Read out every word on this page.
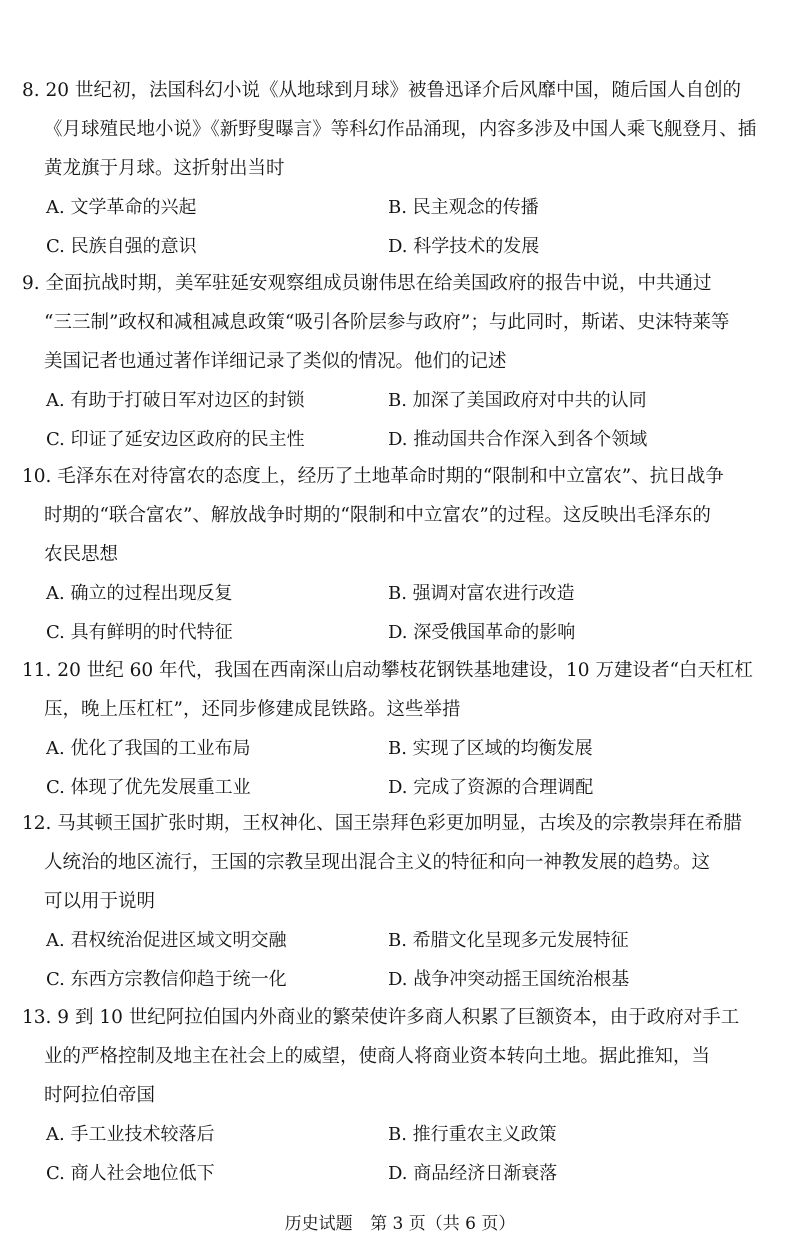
8. 20 世纪初，法国科幻小说《从地球到月球》被鲁迅译介后风靡中国，随后国人自创的
《月球殖民地小说》《新野叟曝言》等科幻作品涌现，内容多涉及中国人乘飞舰登月、插
黄龙旗于月球。这折射出当时
A. 文学革命的兴起	B. 民主观念的传播
C. 民族自强的意识	D. 科学技术的发展
9. 全面抗战时期，美军驻延安观察组成员谢伟思在给美国政府的报告中说，中共通过
“三三制”政权和减租减息政策“吸引各阶层参与政府”；与此同时，斯诺、史沫特莱等
美国记者也通过著作详细记录了类似的情况。他们的记述
A. 有助于打破日军对边区的封锁	B. 加深了美国政府对中共的认同
C. 印证了延安边区政府的民主性	D. 推动国共合作深入到各个领域
10. 毛泽东在对待富农的态度上，经历了土地革命时期的“限制和中立富农”、抗日战争
时期的“联合富农”、解放战争时期的“限制和中立富农”的过程。这反映出毛泽东的
农民思想
A. 确立的过程出现反复	B. 强调对富农进行改造
C. 具有鲜明的时代特征	D. 深受俄国革命的影响
11. 20 世纪 60 年代，我国在西南深山启动攀枝花钢铁基地建设，10 万建设者“白天杠杠
压，晚上压杠杠”，还同步修建成昆铁路。这些举措
A. 优化了我国的工业布局	B. 实现了区域的均衡发展
C. 体现了优先发展重工业	D. 完成了资源的合理调配
12. 马其顿王国扩张时期，王权神化、国王崇拜色彩更加明显，古埃及的宗教崇拜在希腊
人统治的地区流行，王国的宗教呈现出混合主义的特征和向一神教发展的趋势。这
可以用于说明
A. 君权统治促进区域文明交融	B. 希腊文化呈现多元发展特征
C. 东西方宗教信仰趋于统一化	D. 战争冲突动摇王国统治根基
13. 9 到 10 世纪阿拉伯国内外商业的繁荣使许多商人积累了巨额资本，由于政府对手工
业的严格控制及地主在社会上的威望，使商人将商业资本转向土地。据此推知，当
时阿拉伯帝国
A. 手工业技术较落后	B. 推行重农主义政策
C. 商人社会地位低下	D. 商品经济日渐衰落
历史试题 第 3 页（共 6 页）
